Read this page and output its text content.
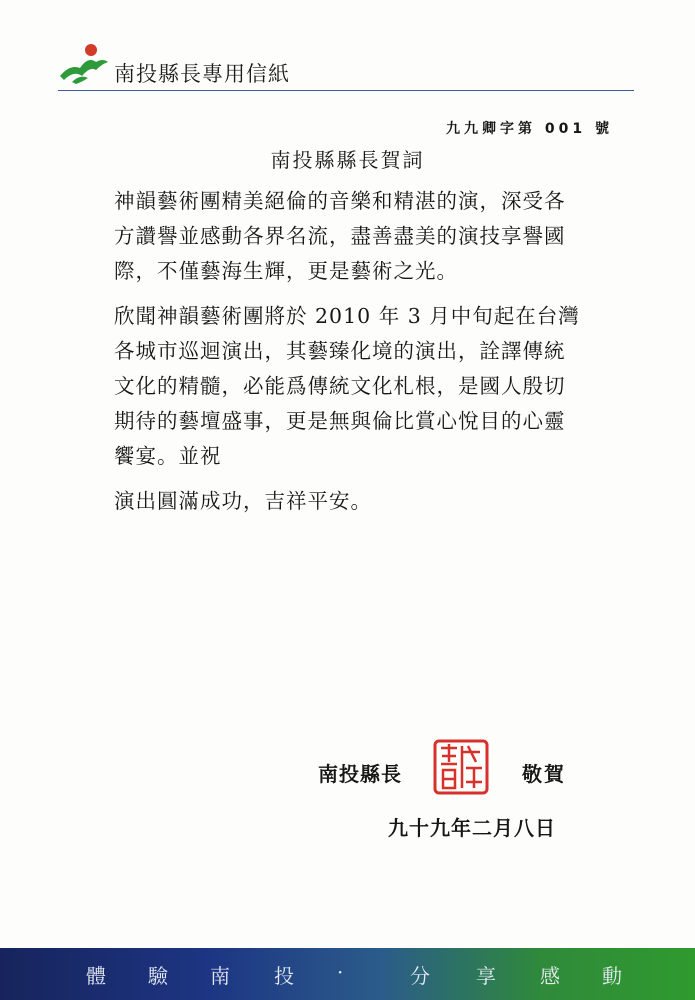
南投縣長專用信紙
九九卿字第 001 號
南投縣縣長賀詞

神韻藝術團精美絕倫的音樂和精湛的演，深受各

方讚譽並感動各界名流，盡善盡美的演技享譽國

際，不僅藝海生輝，更是藝術之光。

欣聞神韻藝術團將於 2010 年 3 月中旬起在台灣

各城市巡迴演出，其藝臻化境的演出，詮譯傳統

文化的精髓，必能爲傳統文化札根，是國人殷切

期待的藝壇盛事，更是無與倫比賞心悅目的心靈

饗宴。並祝

演出圓滿成功，吉祥平安。

南投縣長	敬賀
九十九年二月八日
體 驗 南 投 ·	分 享 感 動
